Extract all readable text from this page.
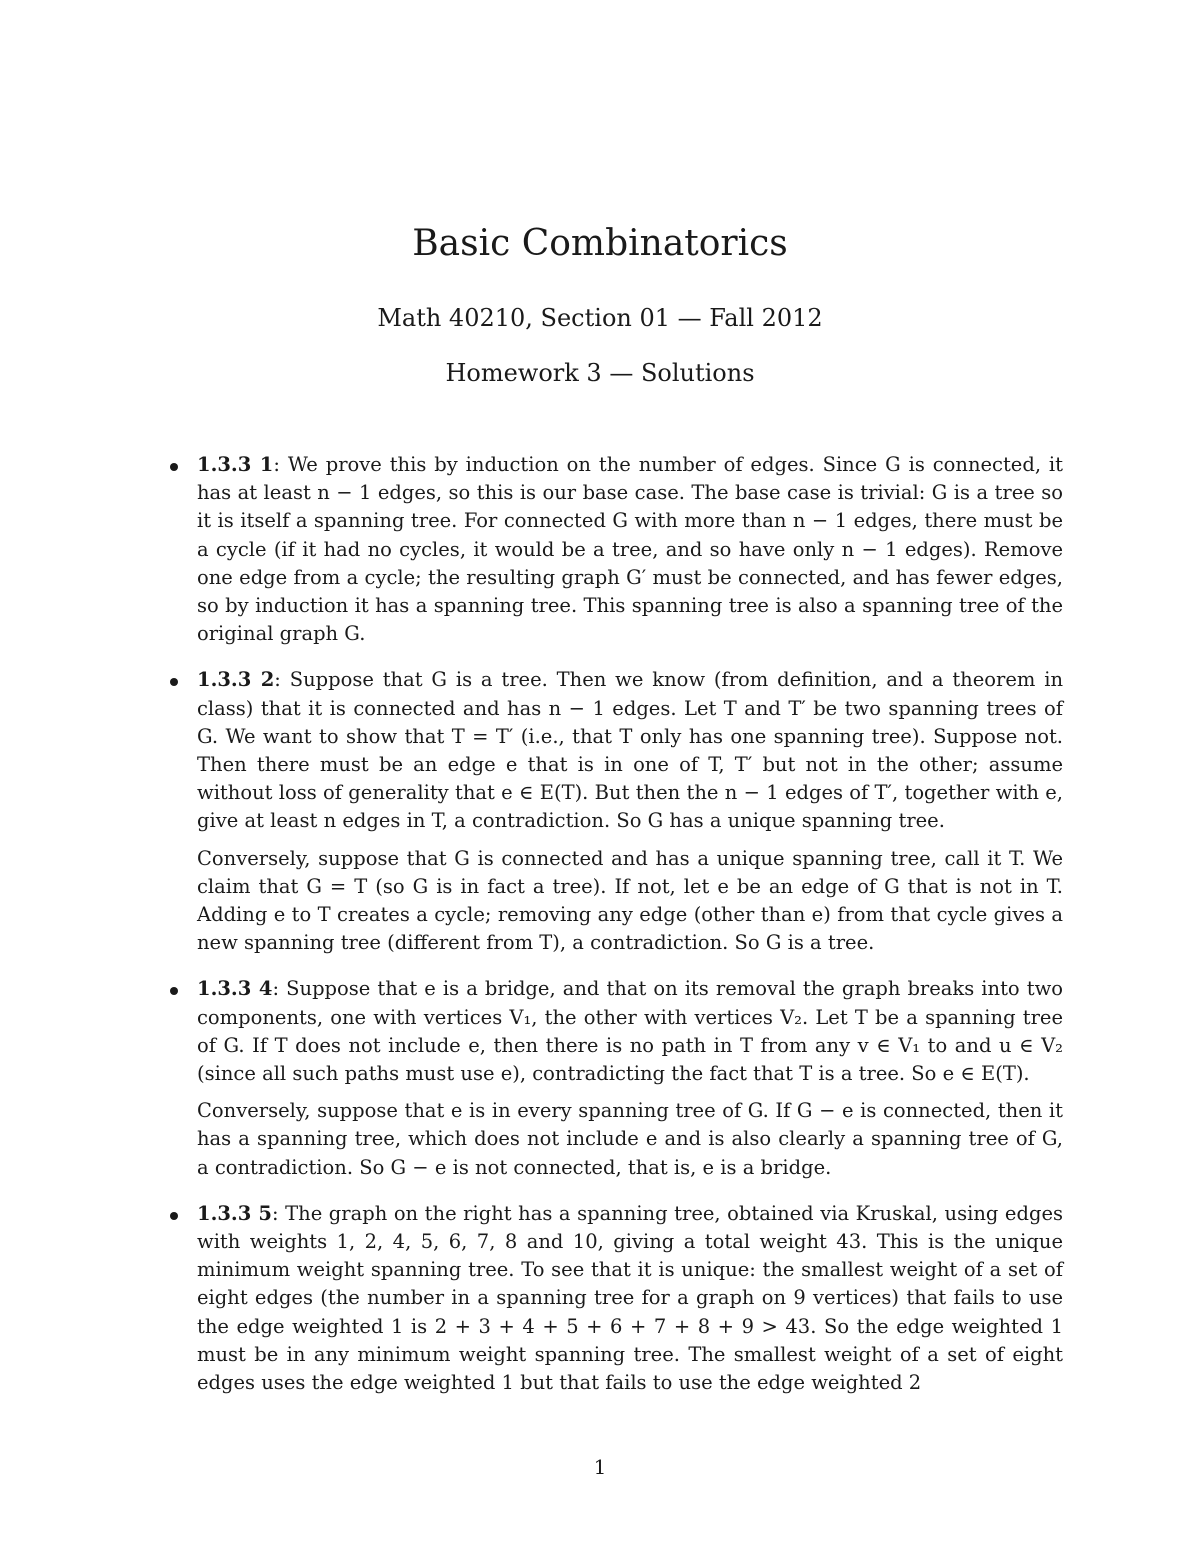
Basic Combinatorics

Math 40210, Section 01 — Fall 2012

Homework 3 — Solutions

1.3.3 1: We prove this by induction on the number of edges. Since G is connected, it has at least n − 1 edges, so this is our base case. The base case is trivial: G is a tree so it is itself a spanning tree. For connected G with more than n − 1 edges, there must be a cycle (if it had no cycles, it would be a tree, and so have only n − 1 edges). Remove one edge from a cycle; the resulting graph G′ must be connected, and has fewer edges, so by induction it has a spanning tree. This spanning tree is also a spanning tree of the original graph G.

1.3.3 2: Suppose that G is a tree. Then we know (from definition, and a theorem in class) that it is connected and has n − 1 edges. Let T and T′ be two spanning trees of G. We want to show that T = T′ (i.e., that T only has one spanning tree). Suppose not. Then there must be an edge e that is in one of T, T′ but not in the other; assume without loss of generality that e ∈ E(T). But then the n − 1 edges of T′, together with e, give at least n edges in T, a contradiction. So G has a unique spanning tree.

Conversely, suppose that G is connected and has a unique spanning tree, call it T. We claim that G = T (so G is in fact a tree). If not, let e be an edge of G that is not in T. Adding e to T creates a cycle; removing any edge (other than e) from that cycle gives a new spanning tree (different from T), a contradiction. So G is a tree.

1.3.3 4: Suppose that e is a bridge, and that on its removal the graph breaks into two components, one with vertices V₁, the other with vertices V₂. Let T be a spanning tree of G. If T does not include e, then there is no path in T from any v ∈ V₁ to and u ∈ V₂ (since all such paths must use e), contradicting the fact that T is a tree. So e ∈ E(T).

Conversely, suppose that e is in every spanning tree of G. If G − e is connected, then it has a spanning tree, which does not include e and is also clearly a spanning tree of G, a contradiction. So G − e is not connected, that is, e is a bridge.

1.3.3 5: The graph on the right has a spanning tree, obtained via Kruskal, using edges with weights 1, 2, 4, 5, 6, 7, 8 and 10, giving a total weight 43. This is the unique minimum weight spanning tree. To see that it is unique: the smallest weight of a set of eight edges (the number in a spanning tree for a graph on 9 vertices) that fails to use the edge weighted 1 is 2 + 3 + 4 + 5 + 6 + 7 + 8 + 9 > 43. So the edge weighted 1 must be in any minimum weight spanning tree. The smallest weight of a set of eight edges uses the edge weighted 1 but that fails to use the edge weighted 2

1
